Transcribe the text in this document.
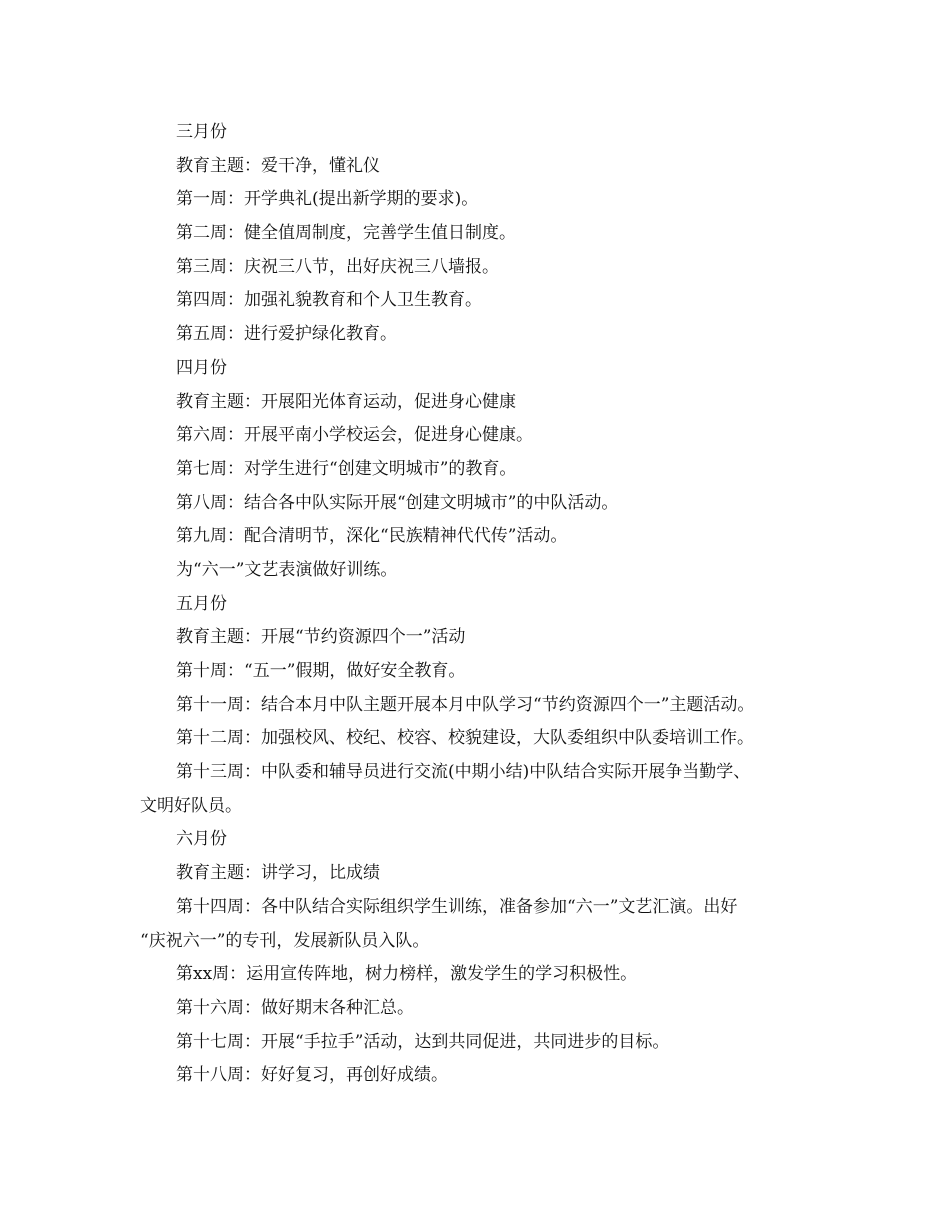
三月份
教育主题：爱干净，懂礼仪
第一周：开学典礼(提出新学期的要求)。
第二周：健全值周制度，完善学生值日制度。
第三周：庆祝三八节，出好庆祝三八墙报。
第四周：加强礼貌教育和个人卫生教育。
第五周：进行爱护绿化教育。
四月份
教育主题：开展阳光体育运动，促进身心健康
第六周：开展平南小学校运会，促进身心健康。
第七周：对学生进行“创建文明城市”的教育。
第八周：结合各中队实际开展“创建文明城市”的中队活动。
第九周：配合清明节，深化“民族精神代代传”活动。
为“六一”文艺表演做好训练。
五月份
教育主题：开展“节约资源四个一”活动
第十周：“五一”假期，做好安全教育。
第十一周：结合本月中队主题开展本月中队学习“节约资源四个一”主题活动。
第十二周：加强校风、校纪、校容、校貌建设，大队委组织中队委培训工作。
第十三周：中队委和辅导员进行交流(中期小结)中队结合实际开展争当勤学、
文明好队员。
六月份
教育主题：讲学习，比成绩
第十四周：各中队结合实际组织学生训练，准备参加“六一”文艺汇演。出好
“庆祝六一”的专刊，发展新队员入队。
第xx周：运用宣传阵地，树力榜样，激发学生的学习积极性。
第十六周：做好期末各种汇总。
第十七周：开展“手拉手”活动，达到共同促进，共同进步的目标。
第十八周：好好复习，再创好成绩。
